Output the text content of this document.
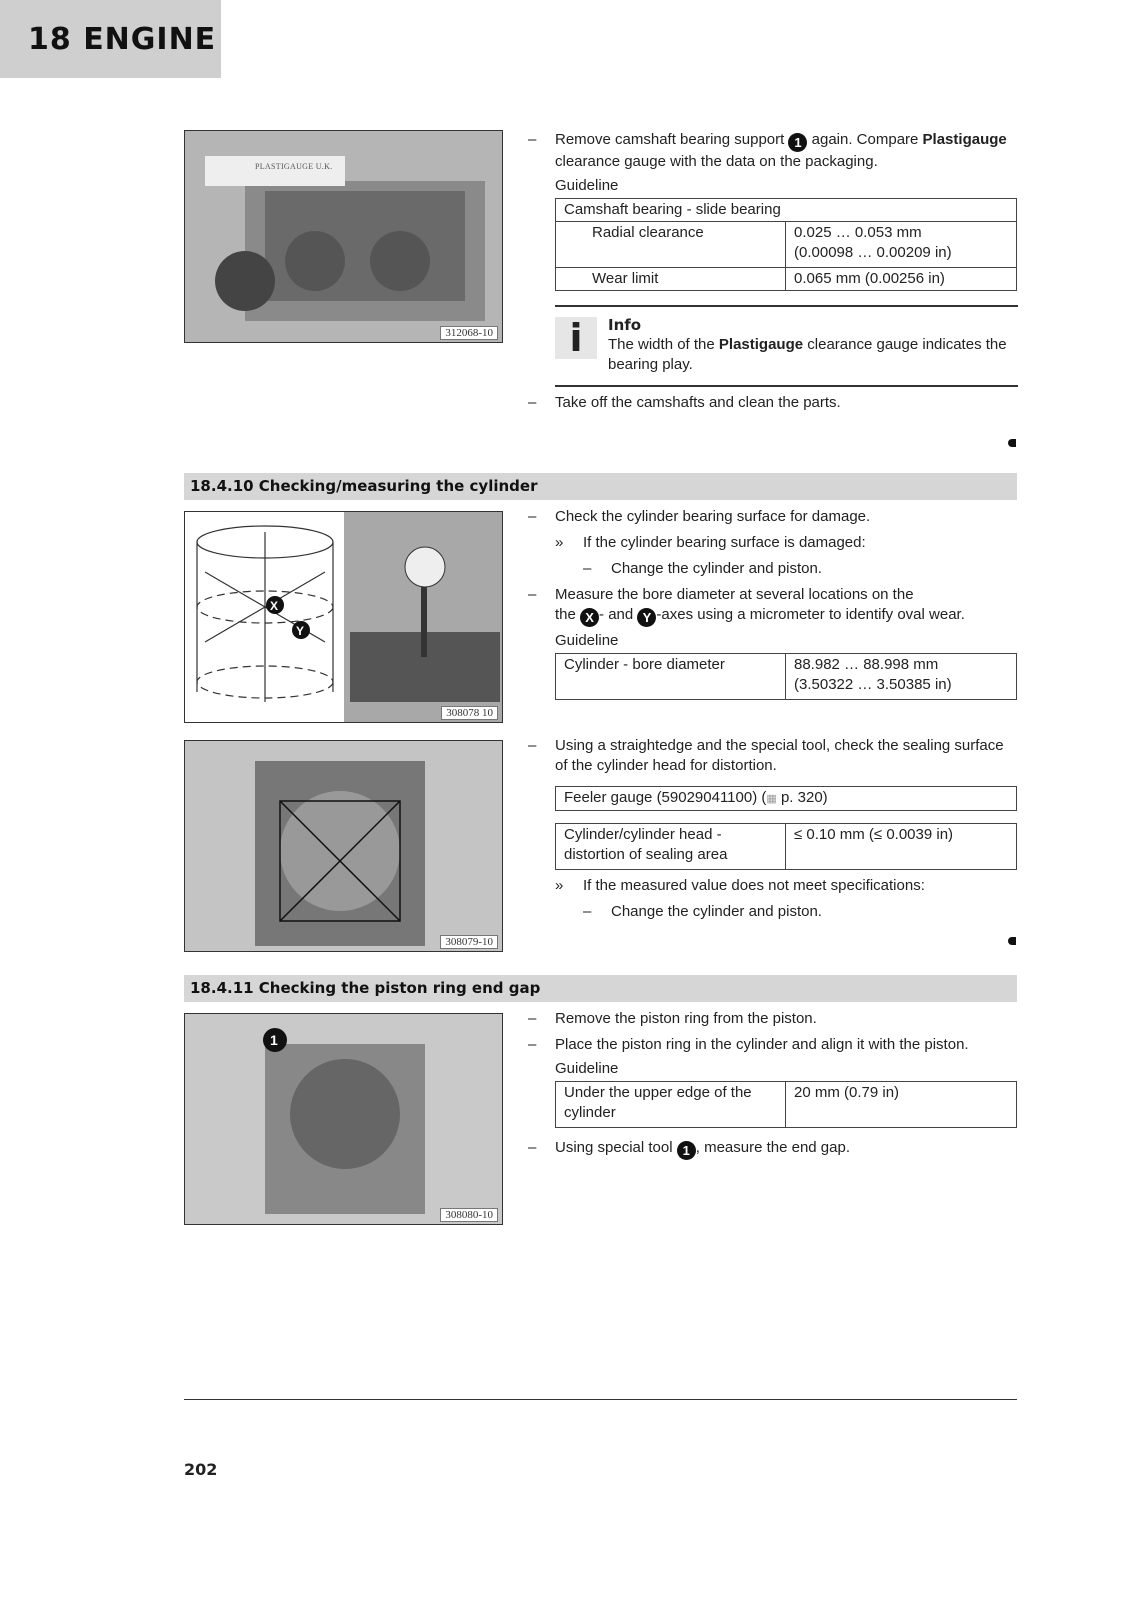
18 ENGINE
PLASTIGAUGE U.K.
312068-10
– Remove camshaft bearing support 1 again. Compare Plastigauge clearance gauge with the data on the packaging.
Guideline
Camshaft bearing - slide bearing	
Radial clearance	0.025 … 0.053 mm
(0.00098 … 0.00209 in)
Wear limit	0.065 mm (0.00256 in)
i	Info
The width of the Plastigauge clearance gauge indicates the bearing play.
– Take off the camshafts and clean the parts.
18.4.10 Checking/measuring the cylinder
X
Y
308078 10
– Check the cylinder bearing surface for damage.
» If the cylinder bearing surface is damaged:
– Change the cylinder and piston.
– Measure the bore diameter at several locations on the
the X - and Y -axes using a micrometer to identify oval wear.
Guideline
Cylinder - bore diameter	88.982 … 88.998 mm
(3.50322 … 3.50385 in)
308079-10
– Using a straightedge and the special tool, check the sealing surface of the cylinder head for distortion.
Feeler gauge (59029041100) (▦ p. 320)
Cylinder/cylinder head - distortion of sealing area	≤ 0.10 mm (≤ 0.0039 in)
» If the measured value does not meet specifications:
– Change the cylinder and piston.
18.4.11 Checking the piston ring end gap
1
308080-10
– Remove the piston ring from the piston.
– Place the piston ring in the cylinder and align it with the piston.
Guideline
Under the upper edge of the cylinder	20 mm (0.79 in)
– Using special tool 1 , measure the end gap.
202
